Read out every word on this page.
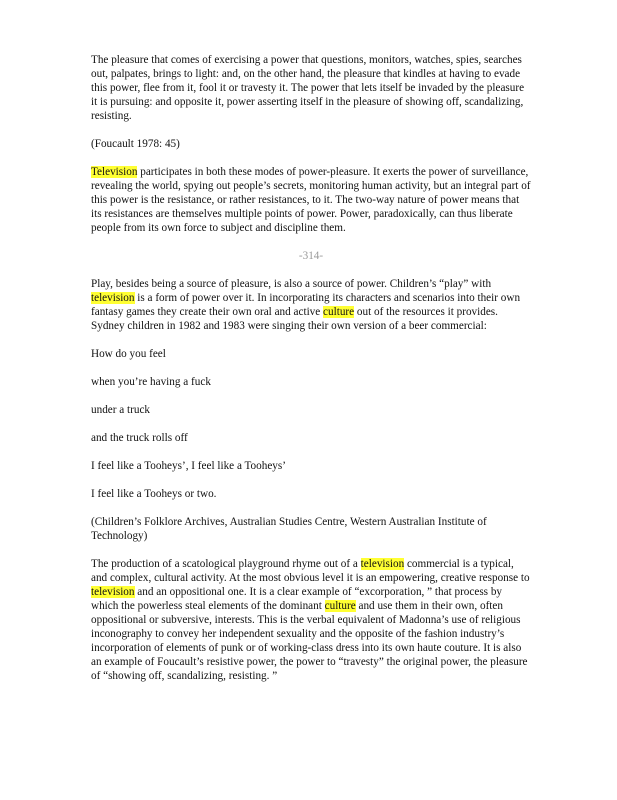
The pleasure that comes of exercising a power that questions, monitors, watches, spies, searches out, palpates, brings to light: and, on the other hand, the pleasure that kindles at having to evade this power, flee from it, fool it or travesty it. The power that lets itself be invaded by the pleasure it is pursuing: and opposite it, power asserting itself in the pleasure of showing off, scandalizing, resisting.

(Foucault 1978: 45)

Television participates in both these modes of power-pleasure. It exerts the power of surveillance, revealing the world, spying out people’s secrets, monitoring human activity, but an integral part of this power is the resistance, or rather resistances, to it. The two-way nature of power means that its resistances are themselves multiple points of power. Power, paradoxically, can thus liberate people from its own force to subject and discipline them.

-314-

Play, besides being a source of pleasure, is also a source of power. Children’s “play” with television is a form of power over it. In incorporating its characters and scenarios into their own fantasy games they create their own oral and active culture out of the resources it provides. Sydney children in 1982 and 1983 were singing their own version of a beer commercial:

How do you feel

when you’re having a fuck

under a truck

and the truck rolls off

I feel like a Tooheys’, I feel like a Tooheys’

I feel like a Tooheys or two.

(Children’s Folklore Archives, Australian Studies Centre, Western Australian Institute of Technology)

The production of a scatological playground rhyme out of a television commercial is a typical, and complex, cultural activity. At the most obvious level it is an empowering, creative response to television and an oppositional one. It is a clear example of “excorporation, ” that process by which the powerless steal elements of the dominant culture and use them in their own, often oppositional or subversive, interests. This is the verbal equivalent of Madonna’s use of religious inconography to convey her independent sexuality and the opposite of the fashion industry’s incorporation of elements of punk or of working-class dress into its own haute couture. It is also an example of Foucault’s resistive power, the power to “travesty” the original power, the pleasure of “showing off, scandalizing, resisting. ”
